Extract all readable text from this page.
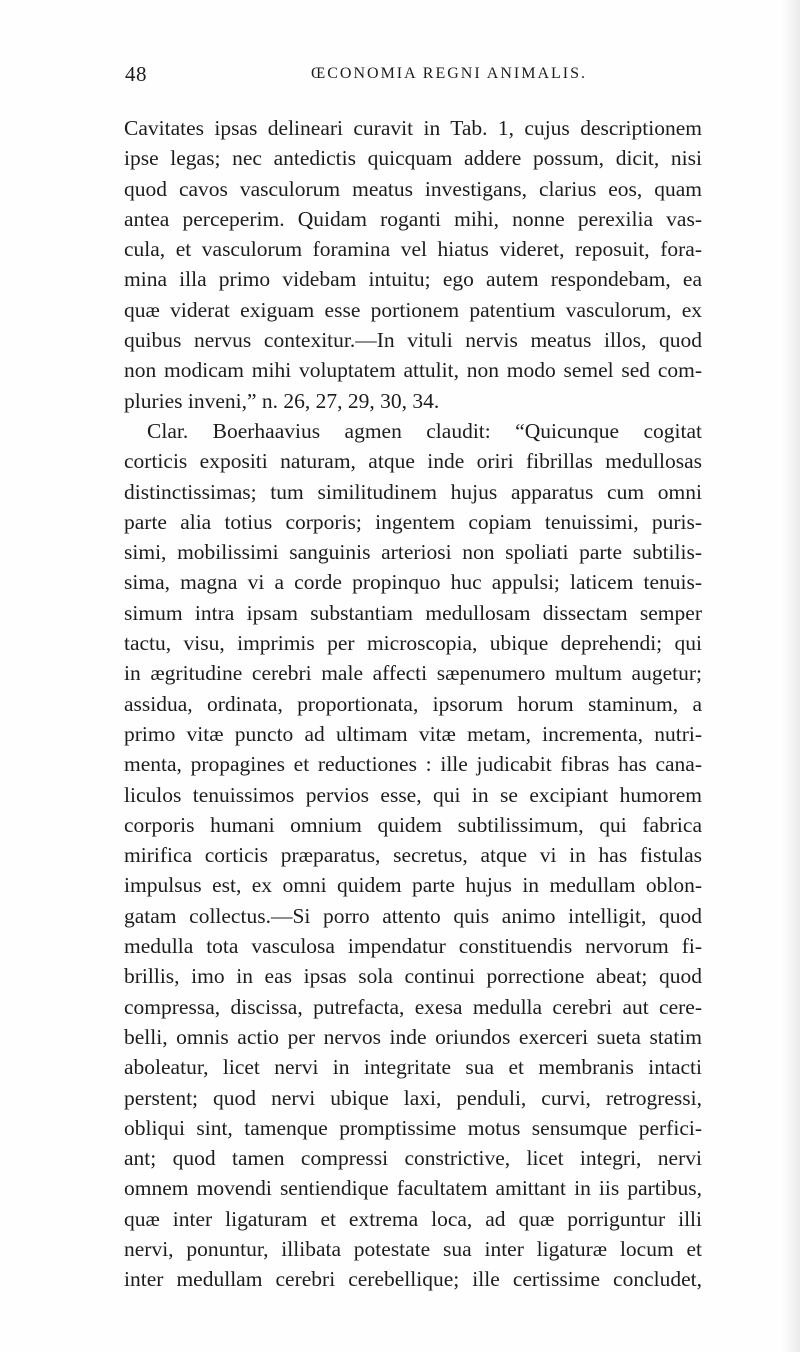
48	ŒCONOMIA REGNI ANIMALIS.
Cavitates ipsas delineari curavit in Tab. 1, cujus descriptionem
ipse legas; nec antedictis quicquam addere possum, dicit, nisi
quod cavos vasculorum meatus investigans, clarius eos, quam
antea perceperim. Quidam roganti mihi, nonne perexilia vas-
cula, et vasculorum foramina vel hiatus videret, reposuit, fora-
mina illa primo videbam intuitu; ego autem respondebam, ea
quæ viderat exiguam esse portionem patentium vasculorum, ex
quibus nervus contexitur.—In vituli nervis meatus illos, quod
non modicam mihi voluptatem attulit, non modo semel sed com-
pluries inveni,” n. 26, 27, 29, 30, 34.
Clar. Boerhaavius agmen claudit: “Quicunque cogitat
corticis expositi naturam, atque inde oriri fibrillas medullosas
distinctissimas; tum similitudinem hujus apparatus cum omni
parte alia totius corporis; ingentem copiam tenuissimi, puris-
simi, mobilissimi sanguinis arteriosi non spoliati parte subtilis-
sima, magna vi a corde propinquo huc appulsi; laticem tenuis-
simum intra ipsam substantiam medullosam dissectam semper
tactu, visu, imprimis per microscopia, ubique deprehendi; qui
in ægritudine cerebri male affecti sæpenumero multum augetur;
assidua, ordinata, proportionata, ipsorum horum staminum, a
primo vitæ puncto ad ultimam vitæ metam, incrementa, nutri-
menta, propagines et reductiones : ille judicabit fibras has cana-
liculos tenuissimos pervios esse, qui in se excipiant humorem
corporis humani omnium quidem subtilissimum, qui fabrica
mirifica corticis præparatus, secretus, atque vi in has fistulas
impulsus est, ex omni quidem parte hujus in medullam oblon-
gatam collectus.—Si porro attento quis animo intelligit, quod
medulla tota vasculosa impendatur constituendis nervorum fi-
brillis, imo in eas ipsas sola continui porrectione abeat; quod
compressa, discissa, putrefacta, exesa medulla cerebri aut cere-
belli, omnis actio per nervos inde oriundos exerceri sueta statim
aboleatur, licet nervi in integritate sua et membranis intacti
perstent; quod nervi ubique laxi, penduli, curvi, retrogressi,
obliqui sint, tamenque promptissime motus sensumque perfici-
ant; quod tamen compressi constrictive, licet integri, nervi
omnem movendi sentiendique facultatem amittant in iis partibus,
quæ inter ligaturam et extrema loca, ad quæ porriguntur illi
nervi, ponuntur, illibata potestate sua inter ligaturæ locum et
inter medullam cerebri cerebellique; ille certissime concludet,
